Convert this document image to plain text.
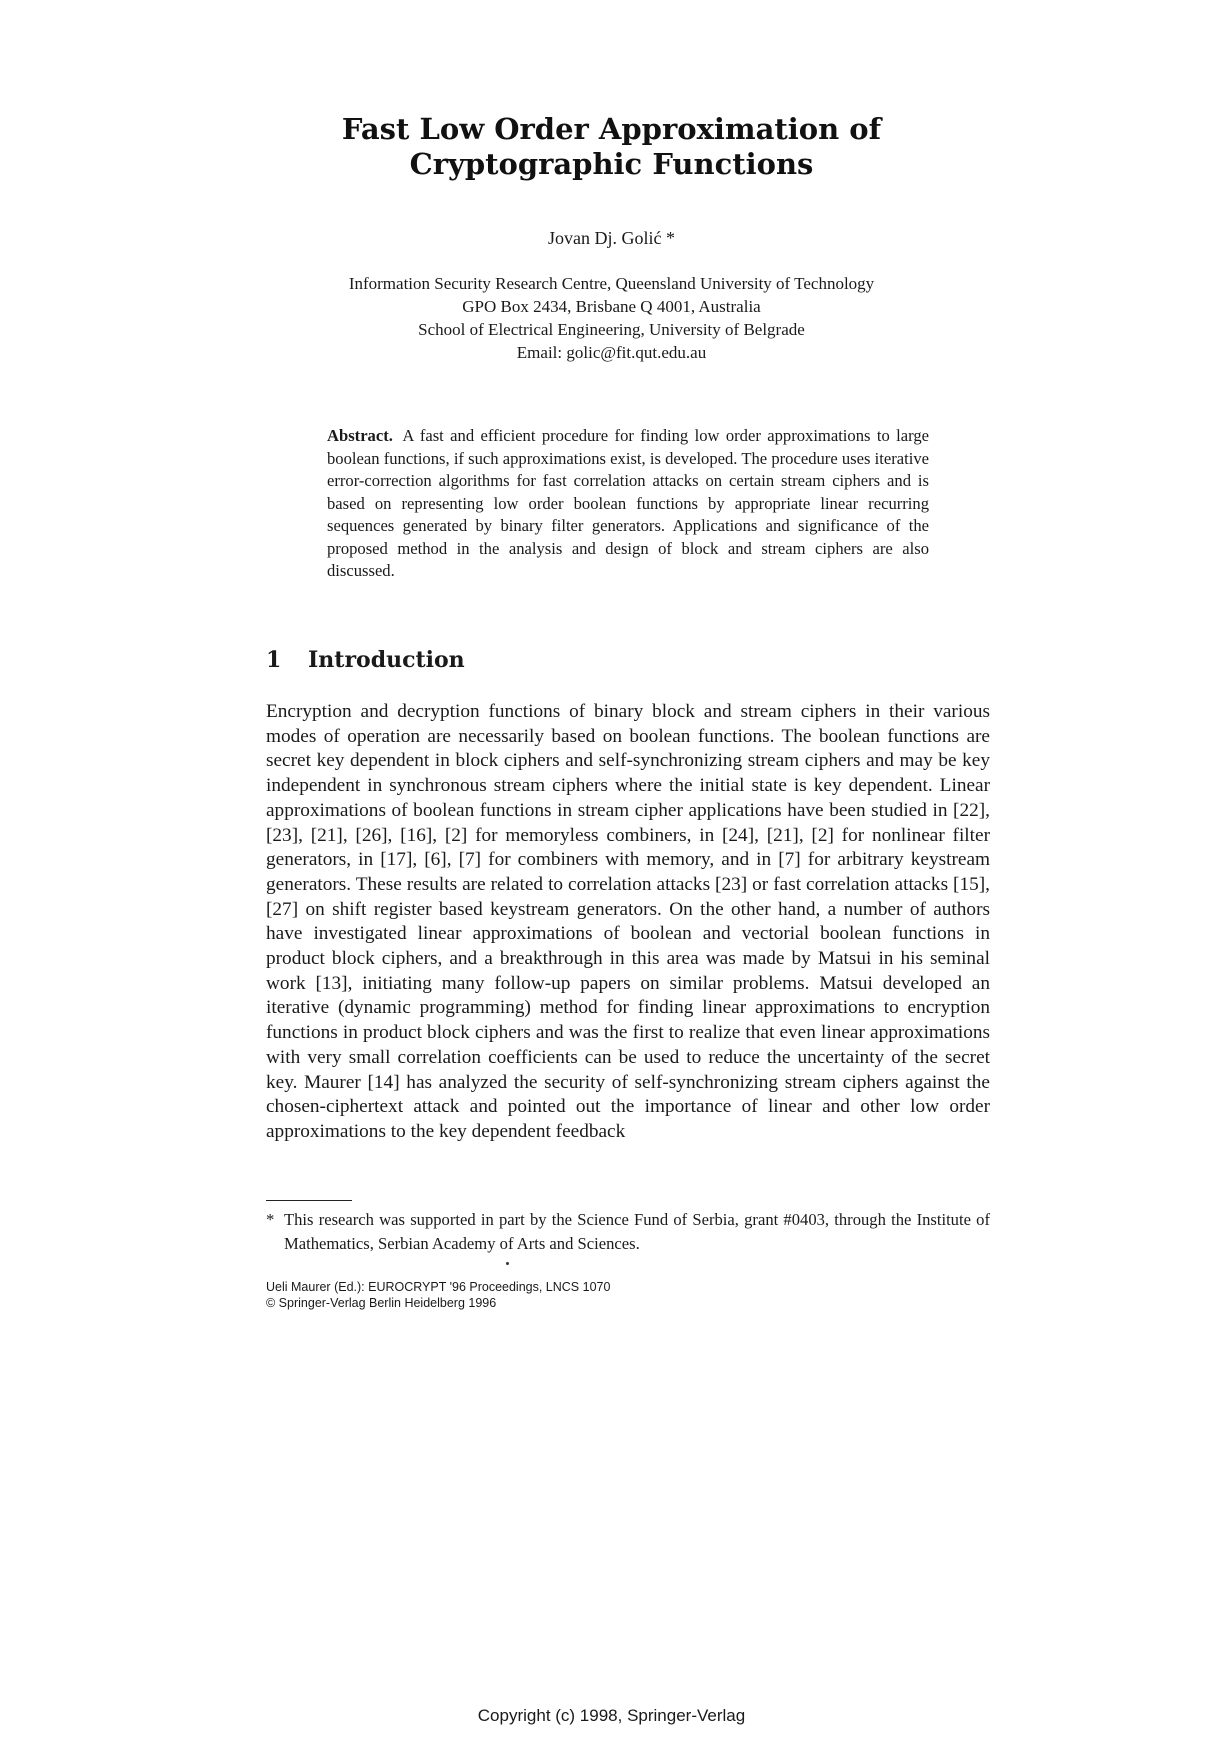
Fast Low Order Approximation of
Cryptographic Functions
Jovan Dj. Golić *
Information Security Research Centre, Queensland University of Technology
GPO Box 2434, Brisbane Q 4001, Australia
School of Electrical Engineering, University of Belgrade
Email: golic@fit.qut.edu.au
Abstract. A fast and efficient procedure for finding low order approximations to large boolean functions, if such approximations exist, is developed. The procedure uses iterative error-correction algorithms for fast correlation attacks on certain stream ciphers and is based on representing low order boolean functions by appropriate linear recurring sequences generated by binary filter generators. Applications and significance of the proposed method in the analysis and design of block and stream ciphers are also discussed.
1 Introduction
Encryption and decryption functions of binary block and stream ciphers in their various modes of operation are necessarily based on boolean functions. The boolean functions are secret key dependent in block ciphers and self-synchronizing stream ciphers and may be key independent in synchronous stream ciphers where the initial state is key dependent. Linear approximations of boolean functions in stream cipher applications have been studied in [22], [23], [21], [26], [16], [2] for memoryless combiners, in [24], [21], [2] for nonlinear filter generators, in [17], [6], [7] for combiners with memory, and in [7] for arbitrary keystream generators. These results are related to correlation attacks [23] or fast correlation attacks [15], [27] on shift register based keystream generators. On the other hand, a number of authors have investigated linear approximations of boolean and vectorial boolean functions in product block ciphers, and a breakthrough in this area was made by Matsui in his seminal work [13], initiating many follow-up papers on similar problems. Matsui developed an iterative (dynamic programming) method for finding linear approximations to encryption functions in product block ciphers and was the first to realize that even linear approximations with very small correlation coefficients can be used to reduce the uncertainty of the secret key. Maurer [14] has analyzed the security of self-synchronizing stream ciphers against the chosen-ciphertext attack and pointed out the importance of linear and other low order approximations to the key dependent feedback
* This research was supported in part by the Science Fund of Serbia, grant #0403, through the Institute of Mathematics, Serbian Academy of Arts and Sciences.
Ueli Maurer (Ed.): EUROCRYPT '96 Proceedings, LNCS 1070
© Springer-Verlag Berlin Heidelberg 1996
Copyright (c) 1998, Springer-Verlag
